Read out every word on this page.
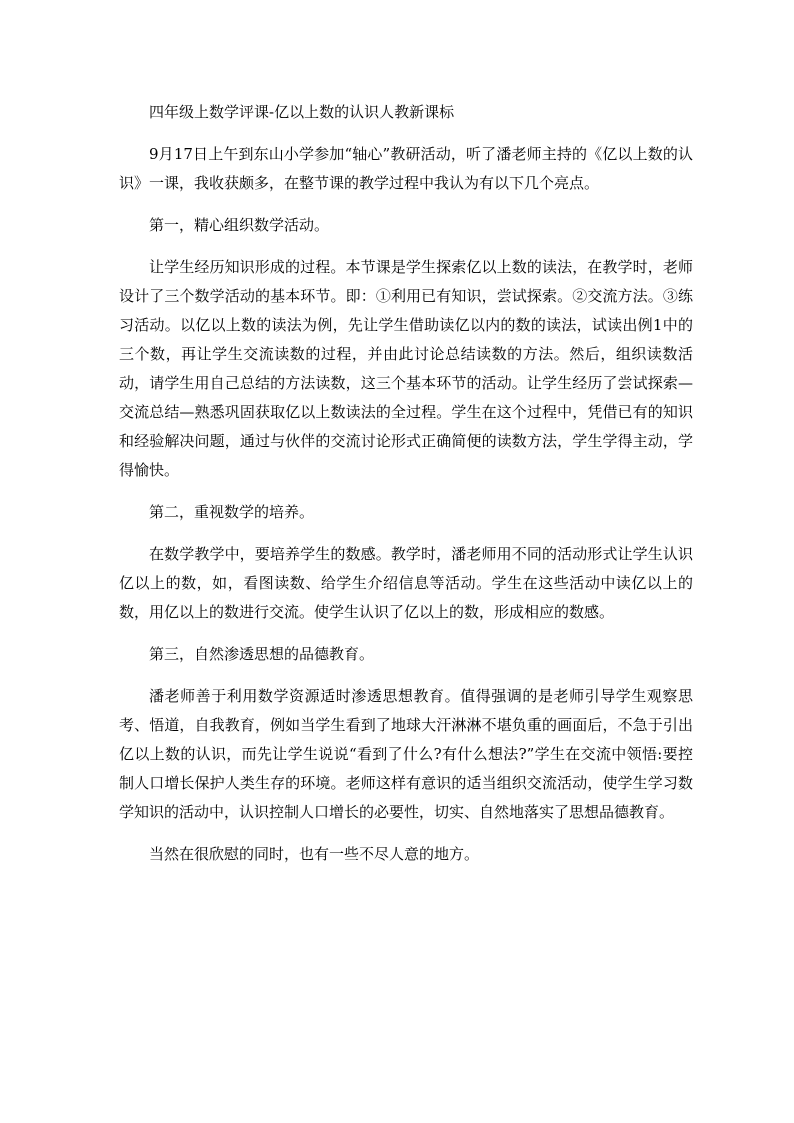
四年级上数学评课-亿以上数的认识人教新课标

9月17日上午到东山小学参加“轴心”教研活动，听了潘老师主持的《亿以上数的认识》一课，我收获颇多，在整节课的教学过程中我认为有以下几个亮点。

第一，精心组织数学活动。

让学生经历知识形成的过程。本节课是学生探索亿以上数的读法，在教学时，老师设计了三个数学活动的基本环节。即：①利用已有知识，尝试探索。②交流方法。③练习活动。以亿以上数的读法为例，先让学生借助读亿以内的数的读法，试读出例1中的三个数，再让学生交流读数的过程，并由此讨论总结读数的方法。然后，组织读数活动，请学生用自己总结的方法读数，这三个基本环节的活动。让学生经历了尝试探索—交流总结—熟悉巩固获取亿以上数读法的全过程。学生在这个过程中，凭借已有的知识和经验解决问题，通过与伙伴的交流讨论形式正确简便的读数方法，学生学得主动，学得愉快。

第二，重视数学的培养。

在数学教学中，要培养学生的数感。教学时，潘老师用不同的活动形式让学生认识亿以上的数，如，看图读数、给学生介绍信息等活动。学生在这些活动中读亿以上的数，用亿以上的数进行交流。使学生认识了亿以上的数，形成相应的数感。

第三，自然渗透思想的品德教育。

潘老师善于利用数学资源适时渗透思想教育。值得强调的是老师引导学生观察思考、悟道，自我教育，例如当学生看到了地球大汗淋淋不堪负重的画面后，不急于引出亿以上数的认识，而先让学生说说“看到了什么?有什么想法?”学生在交流中领悟:要控制人口增长保护人类生存的环境。老师这样有意识的适当组织交流活动，使学生学习数学知识的活动中，认识控制人口增长的必要性，切实、自然地落实了思想品德教育。

当然在很欣慰的同时，也有一些不尽人意的地方。
